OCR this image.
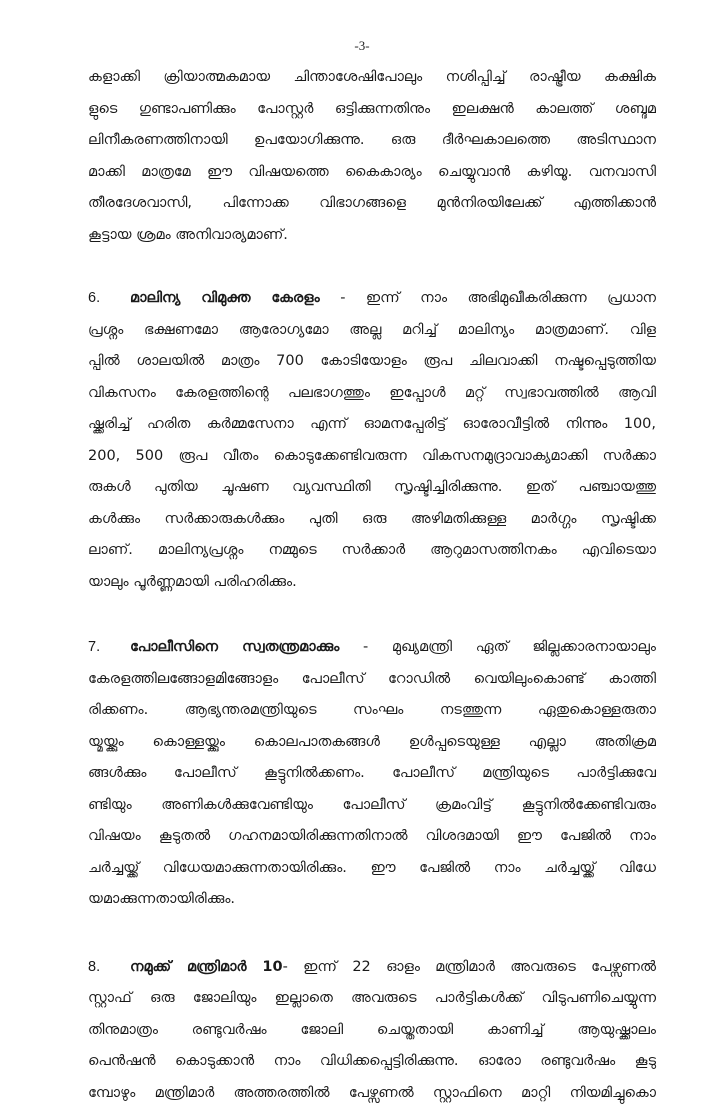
-3-
കളാക്കി ക്രിയാത്മകമായ ചിന്താശേഷിപോലും നശിപ്പിച്ച് രാഷ്ട്രീയ കക്ഷിക
ളുടെ ഗുണ്ടാപണിക്കും പോസ്റ്റർ ഒട്ടിക്കുന്നതിനും ഇലക്ഷൻ കാലത്ത് ശബ്ദമ
ലിനീകരണത്തിനായി ഉപയോഗിക്കുന്നു. ഒരു ദീർഘകാലത്തെ അടിസ്ഥാന
മാക്കി മാത്രമേ ഈ വിഷയത്തെ കൈകാര്യം ചെയ്യുവാൻ കഴിയൂ. വനവാസി
തീരദേശവാസി, പിന്നോക്ക വിഭാഗങ്ങളെ മുൻനിരയിലേക്ക് എത്തിക്കാൻ
കൂട്ടായ ശ്രമം അനിവാര്യമാണ്.
6. മാലിന്യ വിമുക്ത കേരളം - ഇന്ന് നാം അഭിമുഖീകരിക്കുന്ന പ്രധാന
പ്രശ്നം ഭക്ഷണമോ ആരോഗ്യമോ അല്ല മറിച്ച് മാലിന്യം മാത്രമാണ്. വിള
പ്പിൽ ശാലയിൽ മാത്രം 700 കോടിയോളം രൂപ ചിലവാക്കി നഷ്ടപ്പെടുത്തിയ
വികസനം കേരളത്തിന്റെ പലഭാഗത്തും ഇപ്പോൾ മറ്റ് സ്വഭാവത്തിൽ ആവി
ഷ്ക്കരിച്ച് ഹരിത കർമ്മസേനാ എന്ന് ഓമനപ്പേരിട്ട് ഓരോവീട്ടിൽ നിന്നും 100,
200, 500 രൂപ വീതം കൊടുക്കേണ്ടിവരുന്ന വികസനമുദ്രാവാക്യമാക്കി സർക്കാ
രുകൾ പുതിയ ചൂഷണ വ്യവസ്ഥിതി സൃഷ്ടിച്ചിരിക്കുന്നു. ഇത് പഞ്ചായത്തു
കൾക്കും സർക്കാരുകൾക്കും പുതി ഒരു അഴിമതിക്കുള്ള മാർഗ്ഗം സൃഷ്ടിക്ക
ലാണ്. മാലിന്യപ്രശ്നം നമ്മുടെ സർക്കാർ ആറുമാസത്തിനകം എവിടെയാ
യാലും പൂർണ്ണമായി പരിഹരിക്കും.
7. പോലീസിനെ സ്വതന്ത്രമാക്കും - മുഖ്യമന്ത്രി ഏത് ജില്ലക്കാരനായാലും
കേരളത്തിലങ്ങോളമിങ്ങോളം പോലീസ് റോഡിൽ വെയിലുംകൊണ്ട് കാത്തി
രിക്കണം. ആഭ്യന്തരമന്ത്രിയുടെ സംഘം നടത്തുന്ന ഏതുകൊള്ളരുതാ
യ്മയ്ക്കും കൊള്ളയ്ക്കും കൊലപാതകങ്ങൾ ഉൾപ്പടെയുള്ള എല്ലാ അതിക്രമ
ങ്ങൾക്കും പോലീസ് കൂട്ടുനിൽക്കണം. പോലീസ് മന്ത്രിയുടെ പാർട്ടിക്കുവേ
ണ്ടിയും അണികൾക്കുവേണ്ടിയും പോലീസ് ക്രമംവിട്ട് കൂട്ടുനിൽക്കേണ്ടിവരും
വിഷയം കൂടുതൽ ഗഹനമായിരിക്കുന്നതിനാൽ വിശദമായി ഈ പേജിൽ നാം
ചർച്ചയ്ക്ക് വിധേയമാക്കുന്നതായിരിക്കും. ഈ പേജിൽ നാം ചർച്ചയ്ക്ക് വിധേ
യമാക്കുന്നതായിരിക്കും.
8. നമുക്ക് മന്ത്രിമാർ 10- ഇന്ന് 22 ഓളം മന്ത്രിമാർ അവരുടെ പേഴ്സണൽ
സ്റ്റാഫ് ഒരു ജോലിയും ഇല്ലാതെ അവരുടെ പാർട്ടികൾക്ക് വിടുപണിചെയ്യുന്ന
തിനുമാത്രം രണ്ടുവർഷം ജോലി ചെയ്തതായി കാണിച്ച് ആയുഷ്ക്കാലം
പെൻഷൻ കൊടുക്കാൻ നാം വിധിക്കപ്പെട്ടിരിക്കുന്നു. ഓരോ രണ്ടുവർഷം കൂടു
മ്പോഴും മന്ത്രിമാർ അത്തരത്തിൽ പേഴ്സണൽ സ്റ്റാഫിനെ മാറ്റി നിയമിച്ചുകൊ
